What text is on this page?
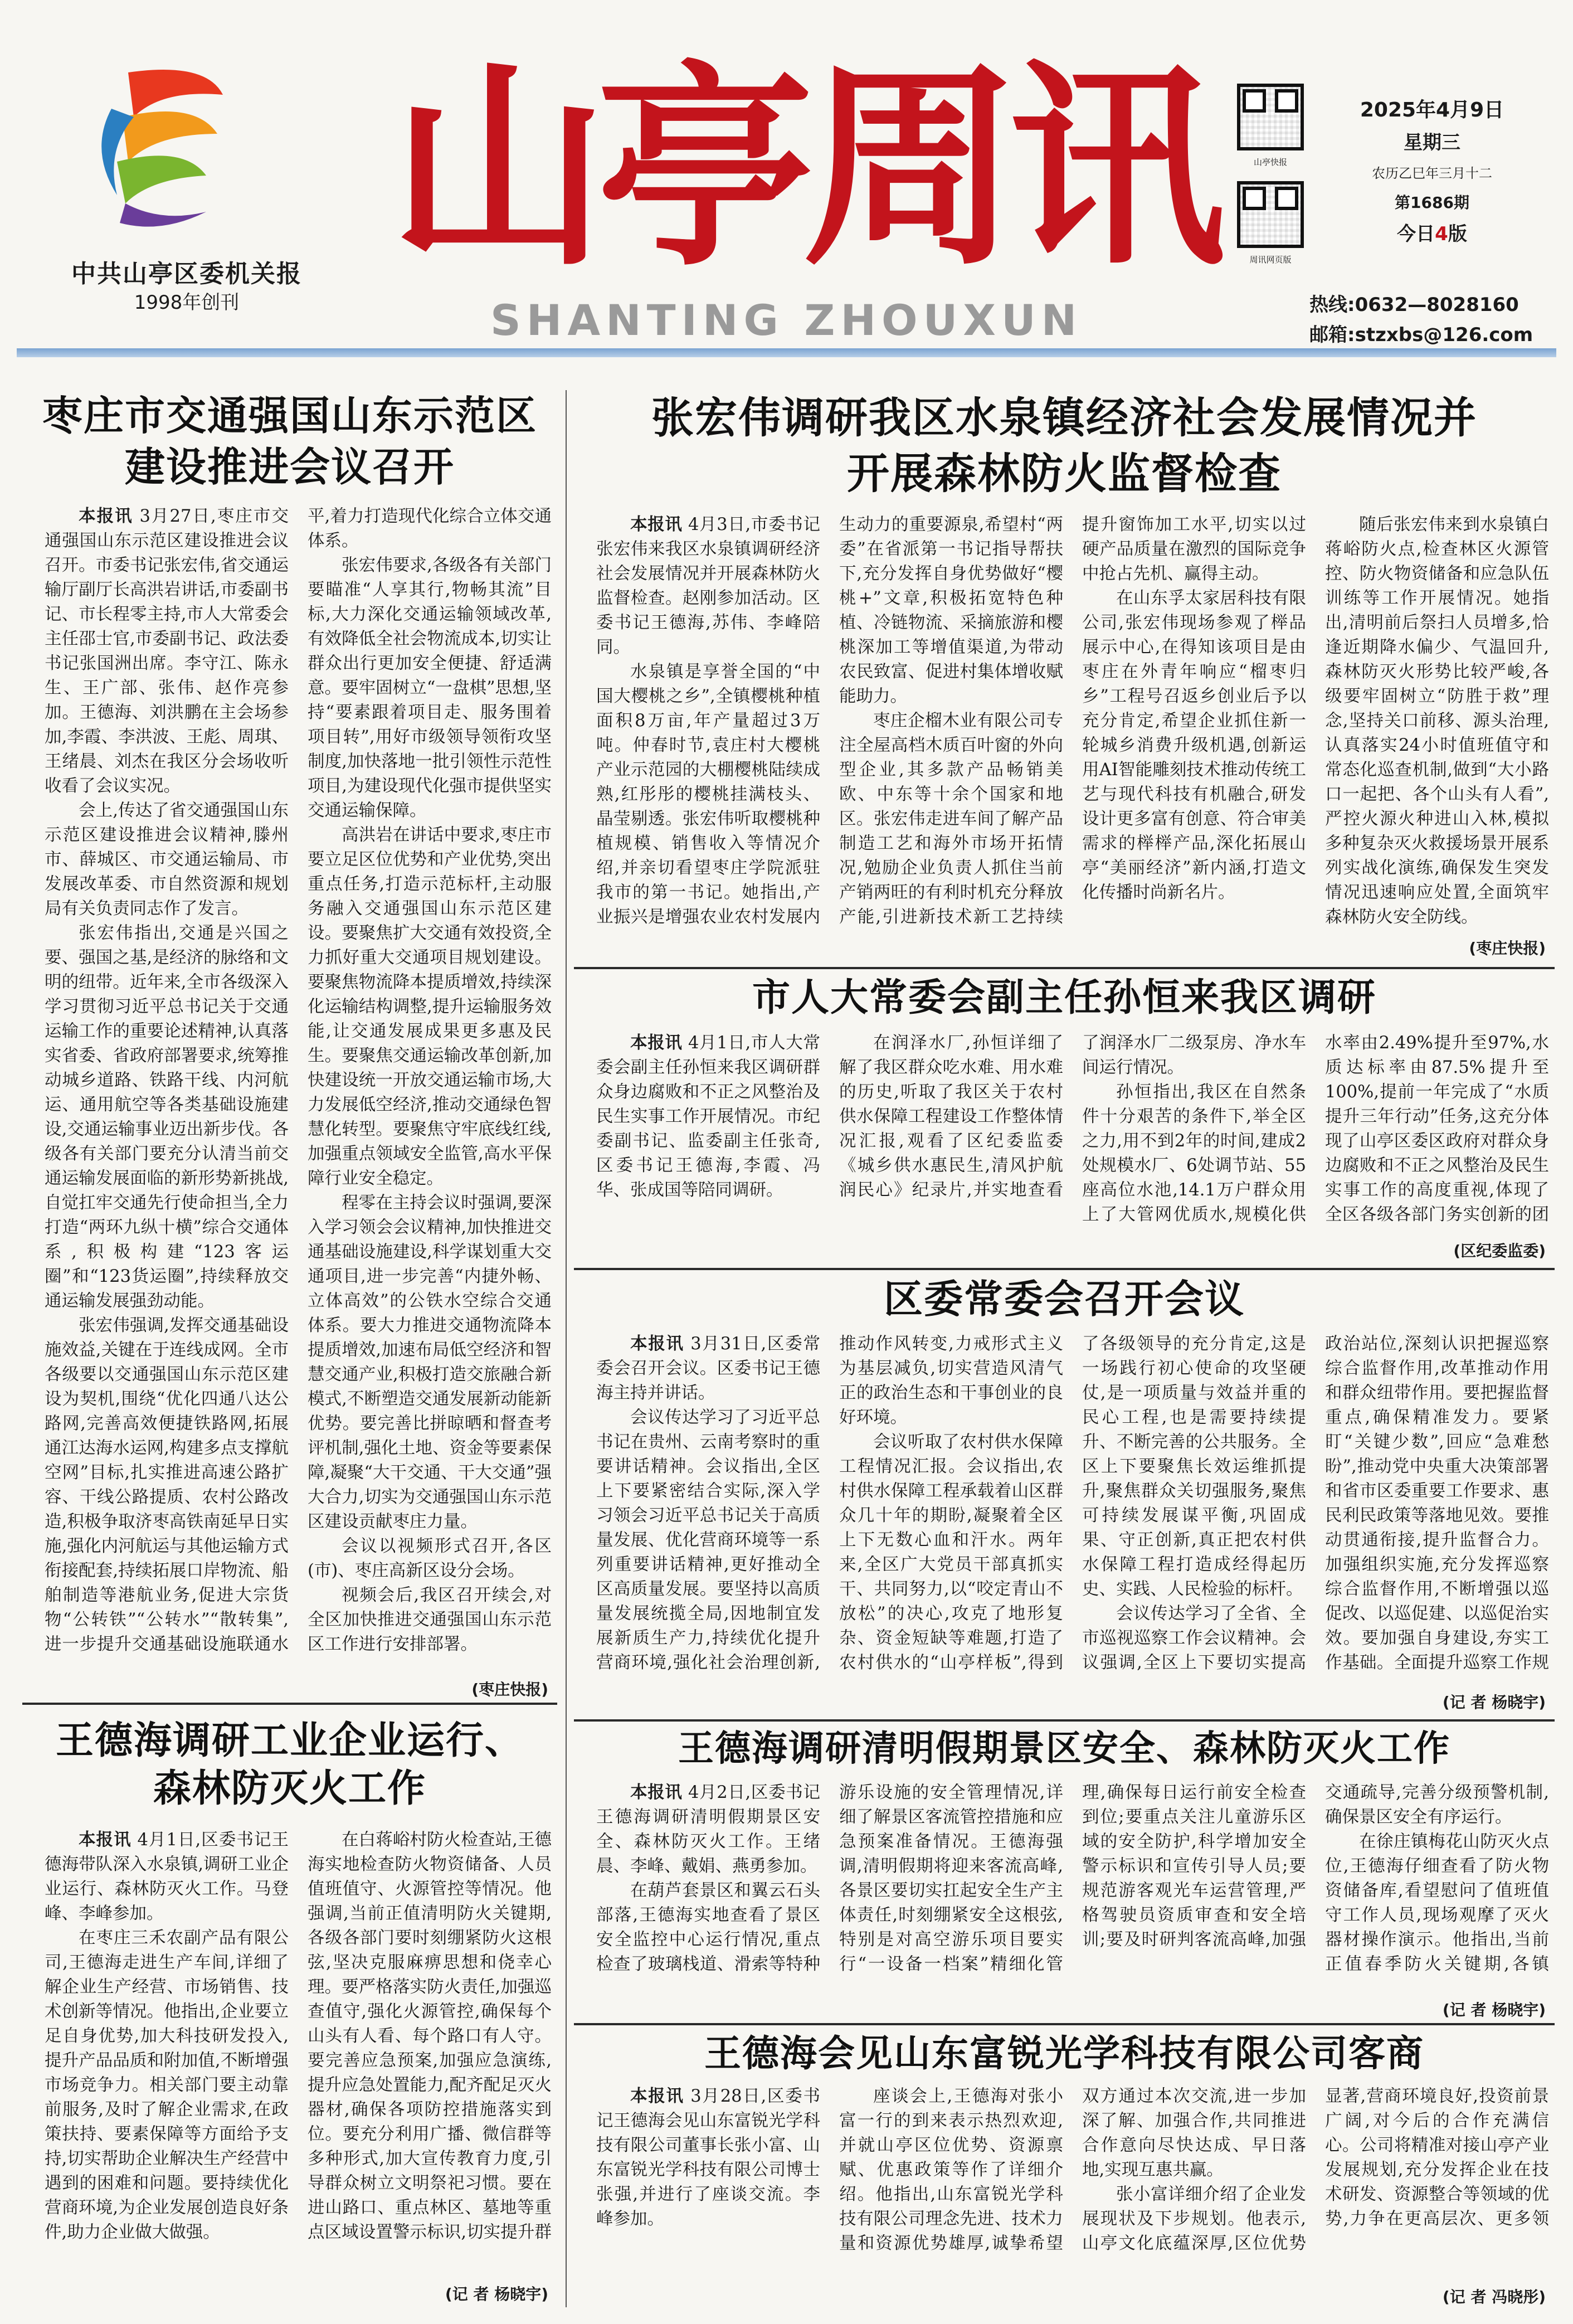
中共山亭区委机关报
1998年创刊
山亭周讯
SHANTING ZHOUXUN
山亭快报
周讯网页版
2025年4月9日
星期三
农历乙巳年三月十二
第1686期
今日4版
热线:0632—8028160
邮箱:stzxbs@126.com
枣庄市交通强国山东示范区
建设推进会议召开

本报讯 3月27日,枣庄市交通强国山东示范区建设推进会议召开。市委书记张宏伟,省交通运输厅副厅长高洪岩讲话,市委副书记、市长程零主持,市人大常委会主任邵士官,市委副书记、政法委书记张国洲出席。李守江、陈永生、王广部、张伟、赵作亮参加。王德海、刘洪鹏在主会场参加,李霞、李洪波、王彪、周琪、王绪晨、刘杰在我区分会场收听收看了会议实况。

会上,传达了省交通强国山东示范区建设推进会议精神,滕州市、薛城区、市交通运输局、市发展改革委、市自然资源和规划局有关负责同志作了发言。

张宏伟指出,交通是兴国之要、强国之基,是经济的脉络和文明的纽带。近年来,全市各级深入学习贯彻习近平总书记关于交通运输工作的重要论述精神,认真落实省委、省政府部署要求,统筹推动城乡道路、铁路干线、内河航运、通用航空等各类基础设施建设,交通运输事业迈出新步伐。各级各有关部门要充分认清当前交通运输发展面临的新形势新挑战,自觉扛牢交通先行使命担当,全力打造“两环九纵十横”综合交通体系,积极构建“123客运圈”和“123货运圈”,持续释放交通运输发展强劲动能。

张宏伟强调,发挥交通基础设施效益,关键在于连线成网。全市各级要以交通强国山东示范区建设为契机,围绕“优化四通八达公路网,完善高效便捷铁路网,拓展通江达海水运网,构建多点支撑航空网”目标,扎实推进高速公路扩容、干线公路提质、农村公路改造,积极争取济枣高铁南延早日实施,强化内河航运与其他运输方式衔接配套,持续拓展口岸物流、船舶制造等港航业务,促进大宗货物“公转铁”“公转水”“散转集”,进一步提升交通基础设施联通水平,着力打造现代化综合立体交通体系。

张宏伟要求,各级各有关部门要瞄准“人享其行,物畅其流”目标,大力深化交通运输领域改革,有效降低全社会物流成本,切实让群众出行更加安全便捷、舒适满意。要牢固树立“一盘棋”思想,坚持“要素跟着项目走、服务围着项目转”,用好市级领导领衔攻坚制度,加快落地一批引领性示范性项目,为建设现代化强市提供坚实交通运输保障。

高洪岩在讲话中要求,枣庄市要立足区位优势和产业优势,突出重点任务,打造示范标杆,主动服务融入交通强国山东示范区建设。要聚焦扩大交通有效投资,全力抓好重大交通项目规划建设。要聚焦物流降本提质增效,持续深化运输结构调整,提升运输服务效能,让交通发展成果更多惠及民生。要聚焦交通运输改革创新,加快建设统一开放交通运输市场,大力发展低空经济,推动交通绿色智慧化转型。要聚焦守牢底线红线,加强重点领域安全监管,高水平保障行业安全稳定。

程零在主持会议时强调,要深入学习领会会议精神,加快推进交通基础设施建设,科学谋划重大交通项目,进一步完善“内捷外畅、立体高效”的公铁水空综合交通体系。要大力推进交通物流降本提质增效,加速布局低空经济和智慧交通产业,积极打造交旅融合新模式,不断塑造交通发展新动能新优势。要完善比拼晾晒和督查考评机制,强化土地、资金等要素保障,凝聚“大干交通、干大交通”强大合力,切实为交通强国山东示范区建设贡献枣庄力量。

会议以视频形式召开,各区(市)、枣庄高新区设分会场。

视频会后,我区召开续会,对全区加快推进交通强国山东示范区工作进行安排部署。

(枣庄快报)
王德海调研工业企业运行、
森林防灭火工作

本报讯 4月1日,区委书记王德海带队深入水泉镇,调研工业企业运行、森林防灭火工作。马登峰、李峰参加。

在枣庄三禾农副产品有限公司,王德海走进生产车间,详细了解企业生产经营、市场销售、技术创新等情况。他指出,企业要立足自身优势,加大科技研发投入,提升产品品质和附加值,不断增强市场竞争力。相关部门要主动靠前服务,及时了解企业需求,在政策扶持、要素保障等方面给予支持,切实帮助企业解决生产经营中遇到的困难和问题。要持续优化营商环境,为企业发展创造良好条件,助力企业做大做强。

在白蒋峪村防火检查站,王德海实地检查防火物资储备、人员值班值守、火源管控等情况。他强调,当前正值清明防火关键期,各级各部门要时刻绷紧防火这根弦,坚决克服麻痹思想和侥幸心理。要严格落实防火责任,加强巡查值守,强化火源管控,确保每个山头有人看、每个路口有人守。要完善应急预案,加强应急演练,提升应急处置能力,配齐配足灭火器材,确保各项防控措施落实到位。要充分利用广播、微信群等多种形式,加大宣传教育力度,引导群众树立文明祭祀习惯。要在进山路口、重点林区、墓地等重点区域设置警示标识,切实提升群

(记 者 杨晓宇)
张宏伟调研我区水泉镇经济社会发展情况并
开展森林防火监督检查

本报讯 4月3日,市委书记张宏伟来我区水泉镇调研经济社会发展情况并开展森林防火监督检查。赵刚参加活动。区委书记王德海,苏伟、李峰陪同。

水泉镇是享誉全国的“中国大樱桃之乡”,全镇樱桃种植面积8万亩,年产量超过3万吨。仲春时节,袁庄村大樱桃产业示范园的大棚樱桃陆续成熟,红彤彤的樱桃挂满枝头、晶莹剔透。张宏伟听取樱桃种植规模、销售收入等情况介绍,并亲切看望枣庄学院派驻我市的第一书记。她指出,产业振兴是增强农业农村发展内生动力的重要源泉,希望村“两委”在省派第一书记指导帮扶下,充分发挥自身优势做好“樱桃+”文章,积极拓宽特色种植、冷链物流、采摘旅游和樱桃深加工等增值渠道,为带动农民致富、促进村集体增收赋能助力。

枣庄企榴木业有限公司专注全屋高档木质百叶窗的外向型企业,其多款产品畅销美欧、中东等十余个国家和地区。张宏伟走进车间了解产品制造工艺和海外市场开拓情况,勉励企业负责人抓住当前产销两旺的有利时机充分释放产能,引进新技术新工艺持续提升窗饰加工水平,切实以过硬产品质量在激烈的国际竞争中抢占先机、赢得主动。

在山东孚太家居科技有限公司,张宏伟现场参观了榉品展示中心,在得知该项目是由枣庄在外青年响应“榴枣归乡”工程号召返乡创业后予以充分肯定,希望企业抓住新一轮城乡消费升级机遇,创新运用AI智能雕刻技术推动传统工艺与现代科技有机融合,研发设计更多富有创意、符合审美需求的榉榉产品,深化拓展山亭“美丽经济”新内涵,打造文化传播时尚新名片。

随后张宏伟来到水泉镇白蒋峪防火点,检查林区火源管控、防火物资储备和应急队伍训练等工作开展情况。她指出,清明前后祭扫人员增多,恰逢近期降水偏少、气温回升,森林防灭火形势比较严峻,各级要牢固树立“防胜于救”理念,坚持关口前移、源头治理,认真落实24小时值班值守和常态化巡查机制,做到“大小路口一起把、各个山头有人看”,严控火源火种进山入林,模拟多种复杂灭火救援场景开展系列实战化演练,确保发生突发情况迅速响应处置,全面筑牢森林防火安全防线。

(枣庄快报)
市人大常委会副主任孙恒来我区调研

本报讯 4月1日,市人大常委会副主任孙恒来我区调研群众身边腐败和不正之风整治及民生实事工作开展情况。市纪委副书记、监委副主任张奇,区委书记王德海,李霞、冯华、张成国等陪同调研。

在润泽水厂,孙恒详细了解了我区群众吃水难、用水难的历史,听取了我区关于农村供水保障工程建设工作整体情况汇报,观看了区纪委监委《城乡供水惠民生,清风护航润民心》纪录片,并实地查看了润泽水厂二级泵房、净水车间运行情况。

孙恒指出,我区在自然条件十分艰苦的条件下,举全区之力,用不到2年的时间,建成2处规模水厂、6处调节站、55座高位水池,14.1万户群众用上了大管网优质水,规模化供水率由2.49%提升至97%,水质达标率由87.5%提升至100%,提前一年完成了“水质提升三年行动”任务,这充分体现了山亭区委区政府对群众身边腐败和不正之风整治及民生实事工作的高度重视,体现了全区各级各部门务实创新的团

(区纪委监委)
区委常委会召开会议

本报讯 3月31日,区委常委会召开会议。区委书记王德海主持并讲话。

会议传达学习了习近平总书记在贵州、云南考察时的重要讲话精神。会议指出,全区上下要紧密结合实际,深入学习领会习近平总书记关于高质量发展、优化营商环境等一系列重要讲话精神,更好推动全区高质量发展。要坚持以高质量发展统揽全局,因地制宜发展新质生产力,持续优化提升营商环境,强化社会治理创新,推动作风转变,力戒形式主义为基层减负,切实营造风清气正的政治生态和干事创业的良好环境。

会议听取了农村供水保障工程情况汇报。会议指出,农村供水保障工程承载着山区群众几十年的期盼,凝聚着全区上下无数心血和汗水。两年来,全区广大党员干部真抓实干、共同努力,以“咬定青山不放松”的决心,攻克了地形复杂、资金短缺等难题,打造了农村供水的“山亭样板”,得到了各级领导的充分肯定,这是一场践行初心使命的攻坚硬仗,是一项质量与效益并重的民心工程,也是需要持续提升、不断完善的公共服务。全区上下要聚焦长效运维抓提升,聚焦群众关切强服务,聚焦可持续发展谋平衡,巩固成果、守正创新,真正把农村供水保障工程打造成经得起历史、实践、人民检验的标杆。

会议传达学习了全省、全市巡视巡察工作会议精神。会议强调,全区上下要切实提高政治站位,深刻认识把握巡察综合监督作用,改革推动作用和群众纽带作用。要把握监督重点,确保精准发力。要紧盯“关键少数”,回应“急难愁盼”,推动党中央重大决策部署和省市区委重要工作要求、惠民利民政策等落地见效。要推动贯通衔接,提升监督合力。加强组织实施,充分发挥巡察综合监督作用,不断增强以巡促改、以巡促建、以巡促治实效。要加强自身建设,夯实工作基础。全面提升巡察工作规

(记 者 杨晓宇)
王德海调研清明假期景区安全、森林防灭火工作

本报讯 4月2日,区委书记王德海调研清明假期景区安全、森林防灭火工作。王绪晨、李峰、戴娟、燕勇参加。

在葫芦套景区和翼云石头部落,王德海实地查看了景区安全监控中心运行情况,重点检查了玻璃栈道、滑索等特种游乐设施的安全管理情况,详细了解景区客流管控措施和应急预案准备情况。王德海强调,清明假期将迎来客流高峰,各景区要切实扛起安全生产主体责任,时刻绷紧安全这根弦,特别是对高空游乐项目要实行“一设备一档案”精细化管理,确保每日运行前安全检查到位;要重点关注儿童游乐区域的安全防护,科学增加安全警示标识和宣传引导人员;要规范游客观光车运营管理,严格驾驶员资质审查和安全培训;要及时研判客流高峰,加强交通疏导,完善分级预警机制,确保景区安全有序运行。

在徐庄镇梅花山防灭火点位,王德海仔细查看了防火物资储备库,看望慰问了值班值守工作人员,现场观摩了灭火器材操作演示。他指出,当前正值春季防火关键期,各镇

(记 者 杨晓宇)
王德海会见山东富锐光学科技有限公司客商

本报讯 3月28日,区委书记王德海会见山东富锐光学科技有限公司董事长张小富、山东富锐光学科技有限公司博士张强,并进行了座谈交流。李峰参加。

座谈会上,王德海对张小富一行的到来表示热烈欢迎,并就山亭区位优势、资源禀赋、优惠政策等作了详细介绍。他指出,山东富锐光学科技有限公司理念先进、技术力量和资源优势雄厚,诚挚希望双方通过本次交流,进一步加深了解、加强合作,共同推进合作意向尽快达成、早日落地,实现互惠共赢。

张小富详细介绍了企业发展现状及下步规划。他表示,山亭文化底蕴深厚,区位优势显著,营商环境良好,投资前景广阔,对今后的合作充满信心。公司将精准对接山亭产业发展规划,充分发挥企业在技术研发、资源整合等领域的优势,力争在更高层次、更多领

(记 者 冯晓彤)
